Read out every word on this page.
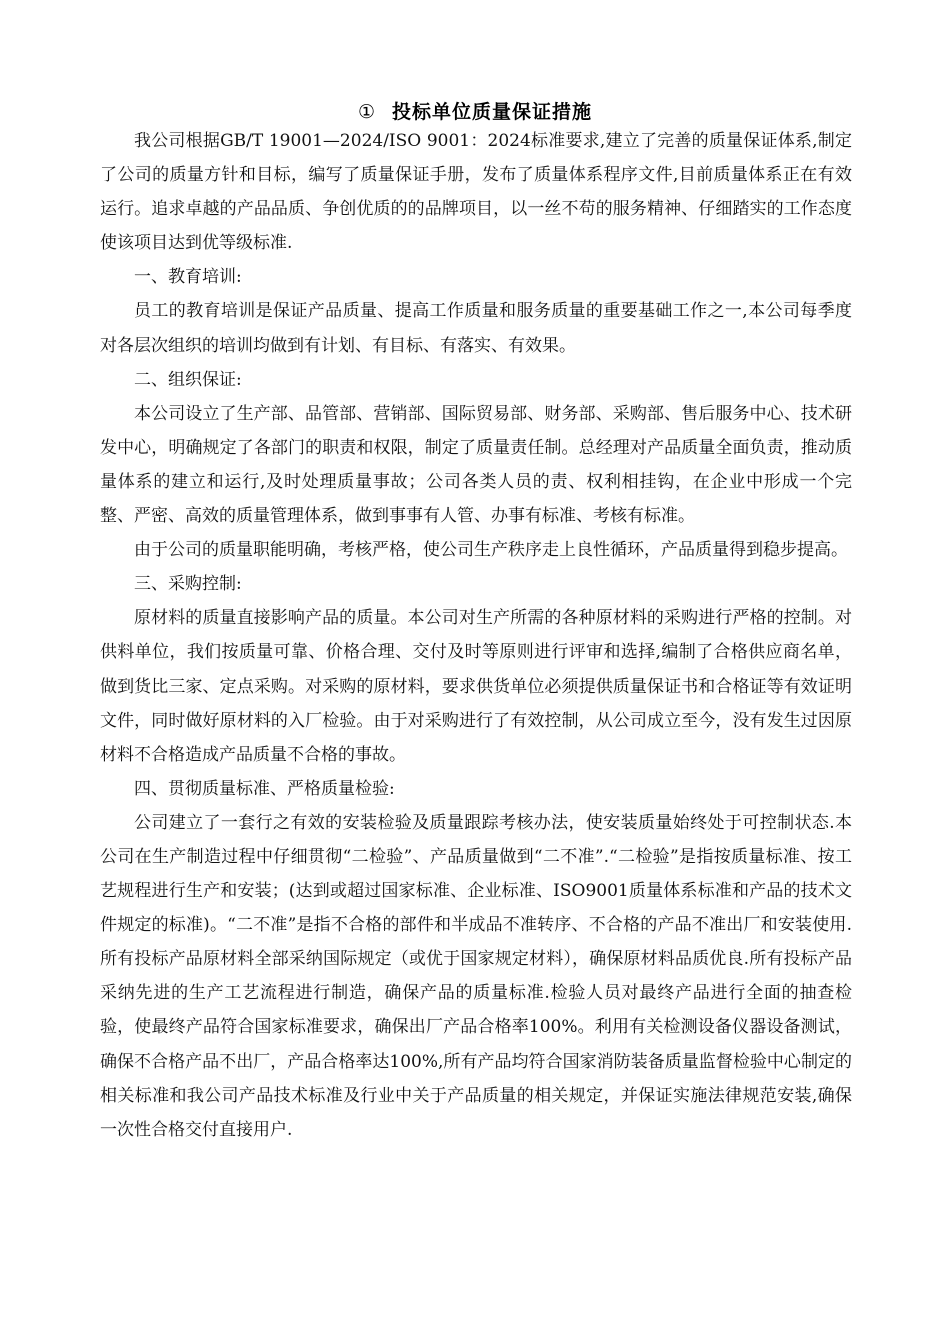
① 投标单位质量保证措施

我公司根据GB/T 19001—2024/ISO 9001：2024标准要求,建立了完善的质量保证体系,制定了公司的质量方针和目标，编写了质量保证手册，发布了质量体系程序文件,目前质量体系正在有效运行。追求卓越的产品品质、争创优质的的品牌项目，以一丝不苟的服务精神、仔细踏实的工作态度使该项目达到优等级标准.

一、教育培训:

员工的教育培训是保证产品质量、提高工作质量和服务质量的重要基础工作之一,本公司每季度对各层次组织的培训均做到有计划、有目标、有落实、有效果。

二、组织保证:

本公司设立了生产部、品管部、营销部、国际贸易部、财务部、采购部、售后服务中心、技术研发中心，明确规定了各部门的职责和权限，制定了质量责任制。总经理对产品质量全面负责，推动质量体系的建立和运行,及时处理质量事故；公司各类人员的责、权利相挂钩，在企业中形成一个完整、严密、高效的质量管理体系，做到事事有人管、办事有标准、考核有标准。

由于公司的质量职能明确，考核严格，使公司生产秩序走上良性循环，产品质量得到稳步提高。

三、采购控制:

原材料的质量直接影响产品的质量。本公司对生产所需的各种原材料的采购进行严格的控制。对供料单位，我们按质量可靠、价格合理、交付及时等原则进行评审和选择,编制了合格供应商名单，做到货比三家、定点采购。对采购的原材料，要求供货单位必须提供质量保证书和合格证等有效证明文件，同时做好原材料的入厂检验。由于对采购进行了有效控制，从公司成立至今，没有发生过因原材料不合格造成产品质量不合格的事故。

四、贯彻质量标准、严格质量检验:

公司建立了一套行之有效的安装检验及质量跟踪考核办法，使安装质量始终处于可控制状态.本公司在生产制造过程中仔细贯彻“二检验”、产品质量做到“二不准”.“二检验”是指按质量标准、按工艺规程进行生产和安装；(达到或超过国家标准、企业标准、ISO9001质量体系标准和产品的技术文件规定的标准)。“二不准”是指不合格的部件和半成品不准转序、不合格的产品不准出厂和安装使用.所有投标产品原材料全部采纳国际规定（或优于国家规定材料），确保原材料品质优良.所有投标产品采纳先进的生产工艺流程进行制造，确保产品的质量标准.检验人员对最终产品进行全面的抽查检验，使最终产品符合国家标准要求，确保出厂产品合格率100%。利用有关检测设备仪器设备测试，确保不合格产品不出厂，产品合格率达100%,所有产品均符合国家消防装备质量监督检验中心制定的相关标准和我公司产品技术标准及行业中关于产品质量的相关规定，并保证实施法律规范安装,确保一次性合格交付直接用户.
